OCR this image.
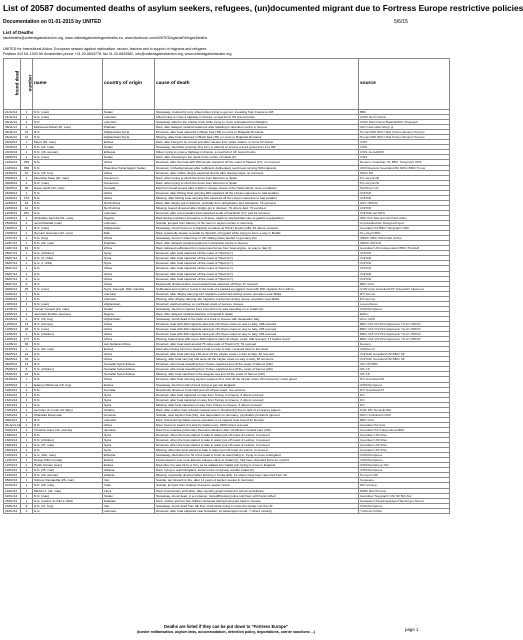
List of 20587 documented deaths of asylum seekers, refugees, (un)documented migrant due to Fortress Europe restrictive policies
Documentation on 01-01-2015 by UNITED	5/6/15
List of Deaths
listofdeaths@unitedagainstracism.org, www.unitedagainstrefugeedeaths.eu, www.facebook.com/UNITEDAgainstRefugeeDeaths
UNITED for Intercultural Action, European network against nationalism, racism, fascism and in support of migrants and refugees
Postbus 413 NL-1000 AK Amsterdam phone +31-20-6834778, fax 31-20-6834582, info@unitedagainstracism.org, www.unitedagainstracism.org
found dead	number	name	country of origin	cause of death	source
21/12/14	1	N.N. (man)	Sudan	Stowaway, crushed by lorry wheel when trying to get out, travelling from France to GB	BBC
01/12/14	1	N.N. (man)	unknown	Killed trying to cross a highway in France, a road full of UK bound trucks	CWS/ Nord Littoral
08/11/14	1	N.N.	unknown	Stowaway, killed in the trouble truck while trying to cross to England from Belgium	CWS/ Mail Online/ BaabARRO/ Telegraph
08/11/14	1	Mohamed Rohal (25, man)	Pakistan	Died, after delayed medical treatment after labelling in detention centre in Greece	GR/ Infomobile/ Efsyn.gr
06/11/14	24	N.N.	Afghanistan/ Syria	Drowned, after boat capsized in Black Sea (TR) en route to Bulgaria/ Romania	Human/ZM/ NRC/ Mail Online/ Aksam/ Hurriyet
06/11/14	12	N.N.	Afghanistan/ Syria	Missing, after boat capsized in Black Sea (TR) en route to Bulgaria/ Romania	Human/ZM/ NRC/ Mail Online/ Aksam/ Hurriyet
28/10/14	1	Mouri (25, man)	Eritrea	Died, after being hit by a truck just after release from police station, in come for Fritsis	CWS
20/10/14	1	N.N. (22, man)	Sudan	Stowaway, died after jumping off a lorry in attempt to access a truck going from F to GB	CWS
20/10/14	1	N.N. (16, woman)	Ethiopia	Killed, trying to cross a highway in France, a road full of UK bound trucks	CWS; EuroAFRO
20/09/14	2	N.N. (men)	Sudan	Died, after drowning in the canal in the centre of Calais (F)	CWS
14/09/14	250	N.N.	Africa	Drowned, after the boat with 250 people capsized off the coast of Tajoura (LY); no rescued	Reuters; Guardian/ IN; BBC; Telegraph; NRC
10/09/14	450	N.N.	Palestine/ Syria/ Egypt/ Sudan	Drowned, in Mediterranean after traffickers deliberately sunk boat carrying 500 migrants	IOM/ Reuters/ Guardian/UN/ MPG/ BBC/ Trouw
01/09/14	15	N.N. (15, boy)	Africa	Drowned, after rubber dinghy capsized shortly after leaving Libya; no survivors	MPG/ DN
30/08/14	1	Mourtaza Taaw (20, man)	Cameroon	Died, when trying to climb the fence from Morocco to Spain	Pro-Asyl EUR
30/08/14	1	N.N. (man)	Cameroon	Died, when trying to climb the fence from Morocco to Spain	Pro-Asyl EUR
24/08/14	25	Naser Guild (32, man)	Somalia	Died from head wound after a fight in refugee house in the Netherlands; terse conditions	HuZ/Inner VK
24/08/14	1	N.N.	Africa	Drowned, after fishing boat carrying 400 capsized off the Libyan coast due to bad weather	UNHCR
24/08/14	170	N.N.	Africa	Missing, after fishing boat carrying 400 capsized off the Libyan coast due to bad weather	UNHCR
22/08/14	18	N.N.	North Africa	Died, after dinghy got in distress, probably from dehydration and starvation; 79 survived	ZIP/ UNHCR
22/08/14	10	N.N.	North Africa	Missing, feared drowned after dinghy got in distress; 79 others died; 79 survived	UNHCR
22/08/14	251	N.N.	unknown	Drowned, after overcrowded boat capsized south of Garabulli (LY); just 19 survived	UNHCR/ ap/ MPG
12/08/14	1	Abdullahe Seneba (61, man)	Nigeria	Died during expulsion procedure in France, death by asphyxiation due to gastric regurgitation	IRR/ UN/ Tatienerzrsil/ Paris-Idiles
25/08/14	1	Jeroil Mustafa (man)	unknown	Suicide, jumped from balcony of his room in asylum centre in Germany	AsylstadtbefIno/ RefugeeProject
18/08/14	1	N.N. (man)	Afghanistan	Stowaway, found frozen in a shipping container at Tilbury Docks (GB); 34 others survived	Guardian/ IN/ BBC/ Telegraph/ NRC
13/08/14	1	Nurmuh Garemjet (22, man)	Mali	Died, reportedly beaten to death by Spanish civil guard while trying to force a way in Melilla	Pro-Asyl/ MHD
27/07/14	1	N.N. (boy)	Africa	Stowaway, found in wheel bay of US military plane landed in germany (D)	IMMS/ CBS/ CNN/ Mail Online
22/07/14	1	N.N. (32, man)	Pakistan	Died, after delayed medical treatment in detention centre in Greece	IMMS/ UNHCR
19/07/14	19	N.N.	Africa	Died, believed suffocated from poisonous fumes from boat engine, on way to Italy (I)	Guardian/ UN/ Independent/ BBC/ The4wR
06/07/14	1	N.N. (children)	Syria	Drowned, after boat capsized off the coast of Tripoli (LY)	UNHCR
06/07/14	4	N.N. (3, child)	Syria	Drowned, after boat capsized off the coast of Tripoli (LY)	UNHCR
06/07/14	1	N.N. (I, child)	Syria	Drowned, after boat capsized off the coast of Tripoli (LY)	UNHCR
06/07/14	1	N.N.	Africa	Drowned, after boat capsized off the coast of Tripoli (LY)	UNHCR
06/07/14	1	N.N.	Africa	Drowned, after boat capsized off the coast of Tripoli (LY)	UNHCR
06/07/14	6	N.N.	Africa	Drowned, after boat capsized off the coast of Tripoli (LY)	UNHCR
06/07/14	9	N.N.	Africa	Reportedly drowned after overcrowded boat capsized off libya; 27 rescued	BBC/ Ansi
30/06/14	45	N.N. (men)	Syria, Senegal, Mali, Gambia	Suffocated and crushed, found in the hold of a packed smugglers' boat with 600 migrants from Africa	CCB/ Ansi/ Guardian/UN/ Telegraph/ Aljazeera
30/06/14	7	N.N.	unknown	Drowned, after dinghy carrying 112 migrants overturned during rescue operation near Malta	RT/ Amnas
30/06/14	1	N.N.	unknown	Missing, after dinghy carrying 112 migrants overturned during rescue operation near Malta	RT/ Amnas
20/06/14	4	N.N. (man)	Afghanistan	Drowned, washed ashore on northeast coast of Lesvos, Greece	LesvosNews
11/06/14	1	Yousef Youssef (19, man)	Sudan	Stowaway, died from injuries from bound bus he was travelling on to Calais (F)	CWS/Nordpress
22/05/14	1	Joermiah Ibrahim (woman)	Nigeria	Died, after delayed medical attention in hospital in Spain	EDFC
21/05/14	1	N.N. (15, boy)	Afghanistan	Stowaway, found dead in the back of a truck in Greece with destination Italy	lInfo/ CWS
12/05/14	13	N.N. (women)	Africa	Drowned, boat with 400 migrants sank just off Libyan coast on way to Italy; 206 rescued	BBC/ UN/ VN/ DN/ Aljazeera/ Yle.fi/ UNHCR
12/05/14	26	N.N. (men)	Africa	Drowned, boat with 400 migrants sank just off Libyan coast on way to Italy; 206 rescued	BBC/ UN/ VN/ DN/ Aljazeera/ Yle.fi/ UNHCR
12/05/14	1	N.N. (children)	Africa	Drowned, boat with 400 migrants sank just off Libyan coast on way to Italy; 206 rescued	BBC/ UN/ VN/ DN/ Aljazeera/ Yle.fi/ UNHCR
12/05/14	177	N.N.	Africa	Missing, feared boat with some 400 migrants sank off Libyan coast; 206 rescued; 17 bodies found	BBC/ UN/ VN/ DN/ Aljazeera/ Yle.fi/ UNHCR
11/05/14	36	N.N.	sub-Saharan Africa	Drowned, after boat sank around 75 miles east of Tripoli (LY); 51 rescued	Reuters
01/05/14	1	N.N. (20, man)	Eritrea	Died when being forced to board a boat on way to Italy; received blow to the head	ANSAmed
06/05/14	21	N.N.	Africa	Drowned, after boat carrying 130 were off the Libyan coast on way to Italy; 52 rescued	UNHCR/ Guardian/UN/ BBC/ SP
06/05/14	33	N.N.	Africa	Missing, after boat carrying 130 were off the Libyan coast on way to Italy; 52 survivors	UNHCR/ Guardian/UN/ BBC/ SP
05/05/14	14	N.N.	Somalia/ Syria/ Eritrea	Drowned, when boat travelling from Turkey capsized just off the coast of Samos (GR)	SP/ AP/ BBC
05/05/14	8	N.N. (children)	Somalia/ Syria/ Eritrea	Drowned, when boat travelling from Turkey capsized just off the coast of Samos (GR)	SP/ AP
05/05/14	16	N.N.	Somalia/ Syria/ Eritrea	Missing, after boat capsized in the Aegean sea just off the coast of Samos (GR)	SP/ AP
01/05/14	1	N.N.	Africa	Drowned, after boat carrying asylum seekers hit a rock off the Libyan coast; 80 rescued by coast guard	RT/ Guardian/UN
02/05/14	1	Edenyo Mbofuma (18, boy)	Eritrea	Stowaway, died from fall of truck trying to get into England	CWS/Nordpress
19/04/14	1	N.N.	Somalia	Reportedly drowned, boat sank just off Libyan coast; one survivor	RT/ Guardian/UN
16/04/14	1	N.N.	Syria	Drowned, after boat capsized on way from Turkey to Greece; 3 others rescued	DN
16/04/14	4	N.N.	Syria	Drowned, after boat capsized on way from Turkey to Greece; 3 others rescued	DN
16/04/14	1	N.N.	Syria	Missing, after boat capsized on way from Turkey to Greece; 3 others rescued	DN
13/04/14	1	Gurinder (1 month old baby)	Ukraine	Died, after mother was refused medical care in hospital (D) due to lack of insurance papers	HAZ/ RP/ Neukolln362
13/04/14	1	Khanadul Daneyuan	Armenia	Suicide, near asylum hole (NL), due deportation to Germany, psychiatric problems ignored	NRC/ Volkskrant/ NOS
09/04/14	1	N.N.	unknown	Died, found during Italian rescue operation on a migrant boat bound for Europe	BBC/ Ansi
09-April-14	1	N.N.	Africa	Died, found on board of a ship by Italian navy; 4600 others rescued	Guardian/ IN/ Ansi
30/03/14	1	Christine Case (40, woman)	Jamaica	Died from massive pulmonary thromboembolism after insufficient medical care (GB)	Guardian/ IN/ Independent/ BBC
18/03/14	1	N.N.	Syria	Drowned, when the boat started to take in water just off coast of Lesbos; 4 rescued	Guardian/ UN/ Ffau
18/03/14	1	N.N. (children)	Syria	Drowned, when the boat started to take in water just off coast of Lesbos; 4 rescued	Guardian/ UN/ Ffau
18/03/14	1	N.N. (47, man)	Syria	Drowned, when the boat started to take in water just off coast of Lesbos; 4 rescued	Guardian/ UN/ Ffau
18/03/14	1	N.N.	Syria	Missing, when the boat started to take in water just off coast of Lesbos; 4 rescued	Guardian/ UN/ Ffau
14/03/14	1	N.N. (20s, man)	Ethiopia	Stowaway, died when he hit to his head in truck he was hiding in, trying to cross to England	CWS/Nordpress
12/03/14	1	Dereje Kiflom (male)	Eritrea	Found dead in river near Edense refugee camp in Calais (F), had been stranded there for months	CWS/Nordpress
12/03/14	1	Haribi Osman (man)	Eritrea	Died when he was hit by a lorry as he walked into Calais port trying to cross to England	CWS/Nordpress/ DN
10/03/14	1	N.N. (25, man)	Albania	Died, trying to reach England, found on the motorway outside Calais (F)	CWS/Nordpress
14/02/14	1	N.N. (23, woman)	Albania	Missing, reportedly drowned after arriving in Ceuta (ES); 14 others have been deported from UK	Hurriyet/ ODI
08/02/14	1	Kishore Parvajotha (26, man)	Iran	Suicide, set himself on fire, after 14 years of asylum seeker in Germany	Karawane
07/02/14	1	N.N. (28, man)	India	Suicide, jumped from window of asylum seeker centre	ND/ Vorweg
14/02/14	1	Mitchel J. (43, man)	Libya	Died of pulmonary embolism, after security guard refused to call an ambulance	MDR/ MG/ ProAsyl
02/01/14	1	N.N. (man)	Sudan	Stowaway, found dead, in a container, buried/Russian police told them with hand cuffed	Guardian/ Telegraph/ UN/ ID/ BC/ Abc
25/01/14	1	N.N. (mother & child 1 child)	Pakistan	Died, mother and her two children drowned during boat push-back in Greece	Karawane/ Kingslingapagel Hamburger Abend
29/01/14	9	N.N. (17, boy)	Iran	Stowaway, found dead from fall from truck while trying to cross the border into the UK	CWS/Nordpress
24/01/14	3	N.N.	unknown	Drowned, after boat capsized near Kusadasi; 11 passengers found, 7 others missing	Yurtbeni/ Arthas
Deaths are listed if they can be put down to "Fortress Europe"
(border militarisation, asylum laws, accommodation, detention policy, deportations, carrier sanctions ...)	page 1
